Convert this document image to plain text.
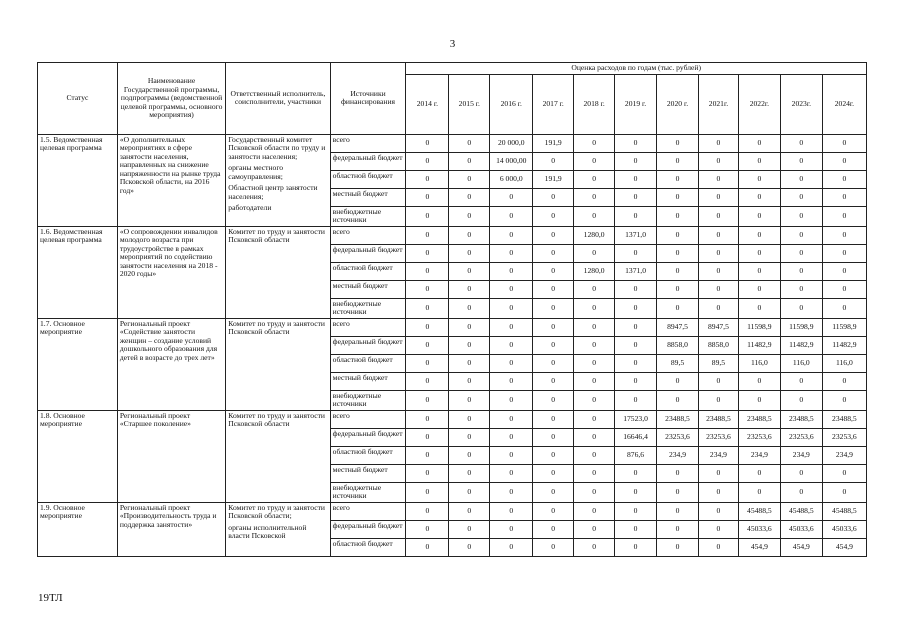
3
Статус	Наименование Государственной программы, подпрограммы (ведомственной целевой программы, основного мероприятия)	Ответственный исполнитель, соисполнители, участники	Источники финансирования	Оценка расходов по годам (тыс. рублей)										
				2014 г.	2015 г.	2016 г.	2017 г.	2018 г.	2019 г.	2020 г.	2021г.	2022г.	2023г.	2024г.
1.5. Ведомственная целевая программа	«О дополнительных мероприятиях в сфере занятости населения, направленных на снижение напряженности на рынке труда Псковской области, на 2016 год»	Государственный комитет Псковской области по труду и занятости населения;
органы местного самоуправления;
Областной центр занятости населения;
работодатели	всего	0	0	20 000,0	191,9	0	0	0	0	0	0	0
			федеральный бюджет	0	0	14 000,00	0	0	0	0	0	0	0	0
			областной бюджет	0	0	6 000,0	191,9	0	0	0	0	0	0	0
			местный бюджет	0	0	0	0	0	0	0	0	0	0	0
			внебюджетные источники	0	0	0	0	0	0	0	0	0	0	0
1.6. Ведомственная целевая программа	«О сопровождении инвалидов молодого возраста при трудоустройстве в рамках мероприятий по содействию занятости населения на 2018 - 2020 годы»	Комитет по труду и занятости Псковской области	всего	0	0	0	0	1280,0	1371,0	0	0	0	0	0
			федеральный бюджет	0	0	0	0	0	0	0	0	0	0	0
			областной бюджет	0	0	0	0	1280,0	1371,0	0	0	0	0	0
			местный бюджет	0	0	0	0	0	0	0	0	0	0	0
			внебюджетные источники	0	0	0	0	0	0	0	0	0	0	0
1.7. Основное мероприятие	Региональный проект «Содействие занятости женщин – создание условий дошкольного образования для детей в возрасте до трех лет»	Комитет по труду и занятости Псковской области	всего	0	0	0	0	0	0	8947,5	8947,5	11598,9	11598,9	11598,9
			федеральный бюджет	0	0	0	0	0	0	8858,0	8858,0	11482,9	11482,9	11482,9
			областной бюджет	0	0	0	0	0	0	89,5	89,5	116,0	116,0	116,0
			местный бюджет	0	0	0	0	0	0	0	0	0	0	0
			внебюджетные источники	0	0	0	0	0	0	0	0	0	0	0
1.8. Основное мероприятие	Региональный проект «Старшее поколение»	Комитет по труду и занятости Псковской области	всего	0	0	0	0	0	17523,0	23488,5	23488,5	23488,5	23488,5	23488,5
			федеральный бюджет	0	0	0	0	0	16646,4	23253,6	23253,6	23253,6	23253,6	23253,6
			областной бюджет	0	0	0	0	0	876,6	234,9	234,9	234,9	234,9	234,9
			местный бюджет	0	0	0	0	0	0	0	0	0	0	0
			внебюджетные источники	0	0	0	0	0	0	0	0	0	0	0
1.9. Основное мероприятие	Региональный проект «Производительность труда и поддержка занятости»	Комитет по труду и занятости Псковской области;
органы исполнительной власти Псковской	всего	0	0	0	0	0	0	0	0	45488,5	45488,5	45488,5
			федеральный бюджет	0	0	0	0	0	0	0	0	45033,6	45033,6	45033,6
			областной бюджет	0	0	0	0	0	0	0	0	454,9	454,9	454,9
19ТЛ
